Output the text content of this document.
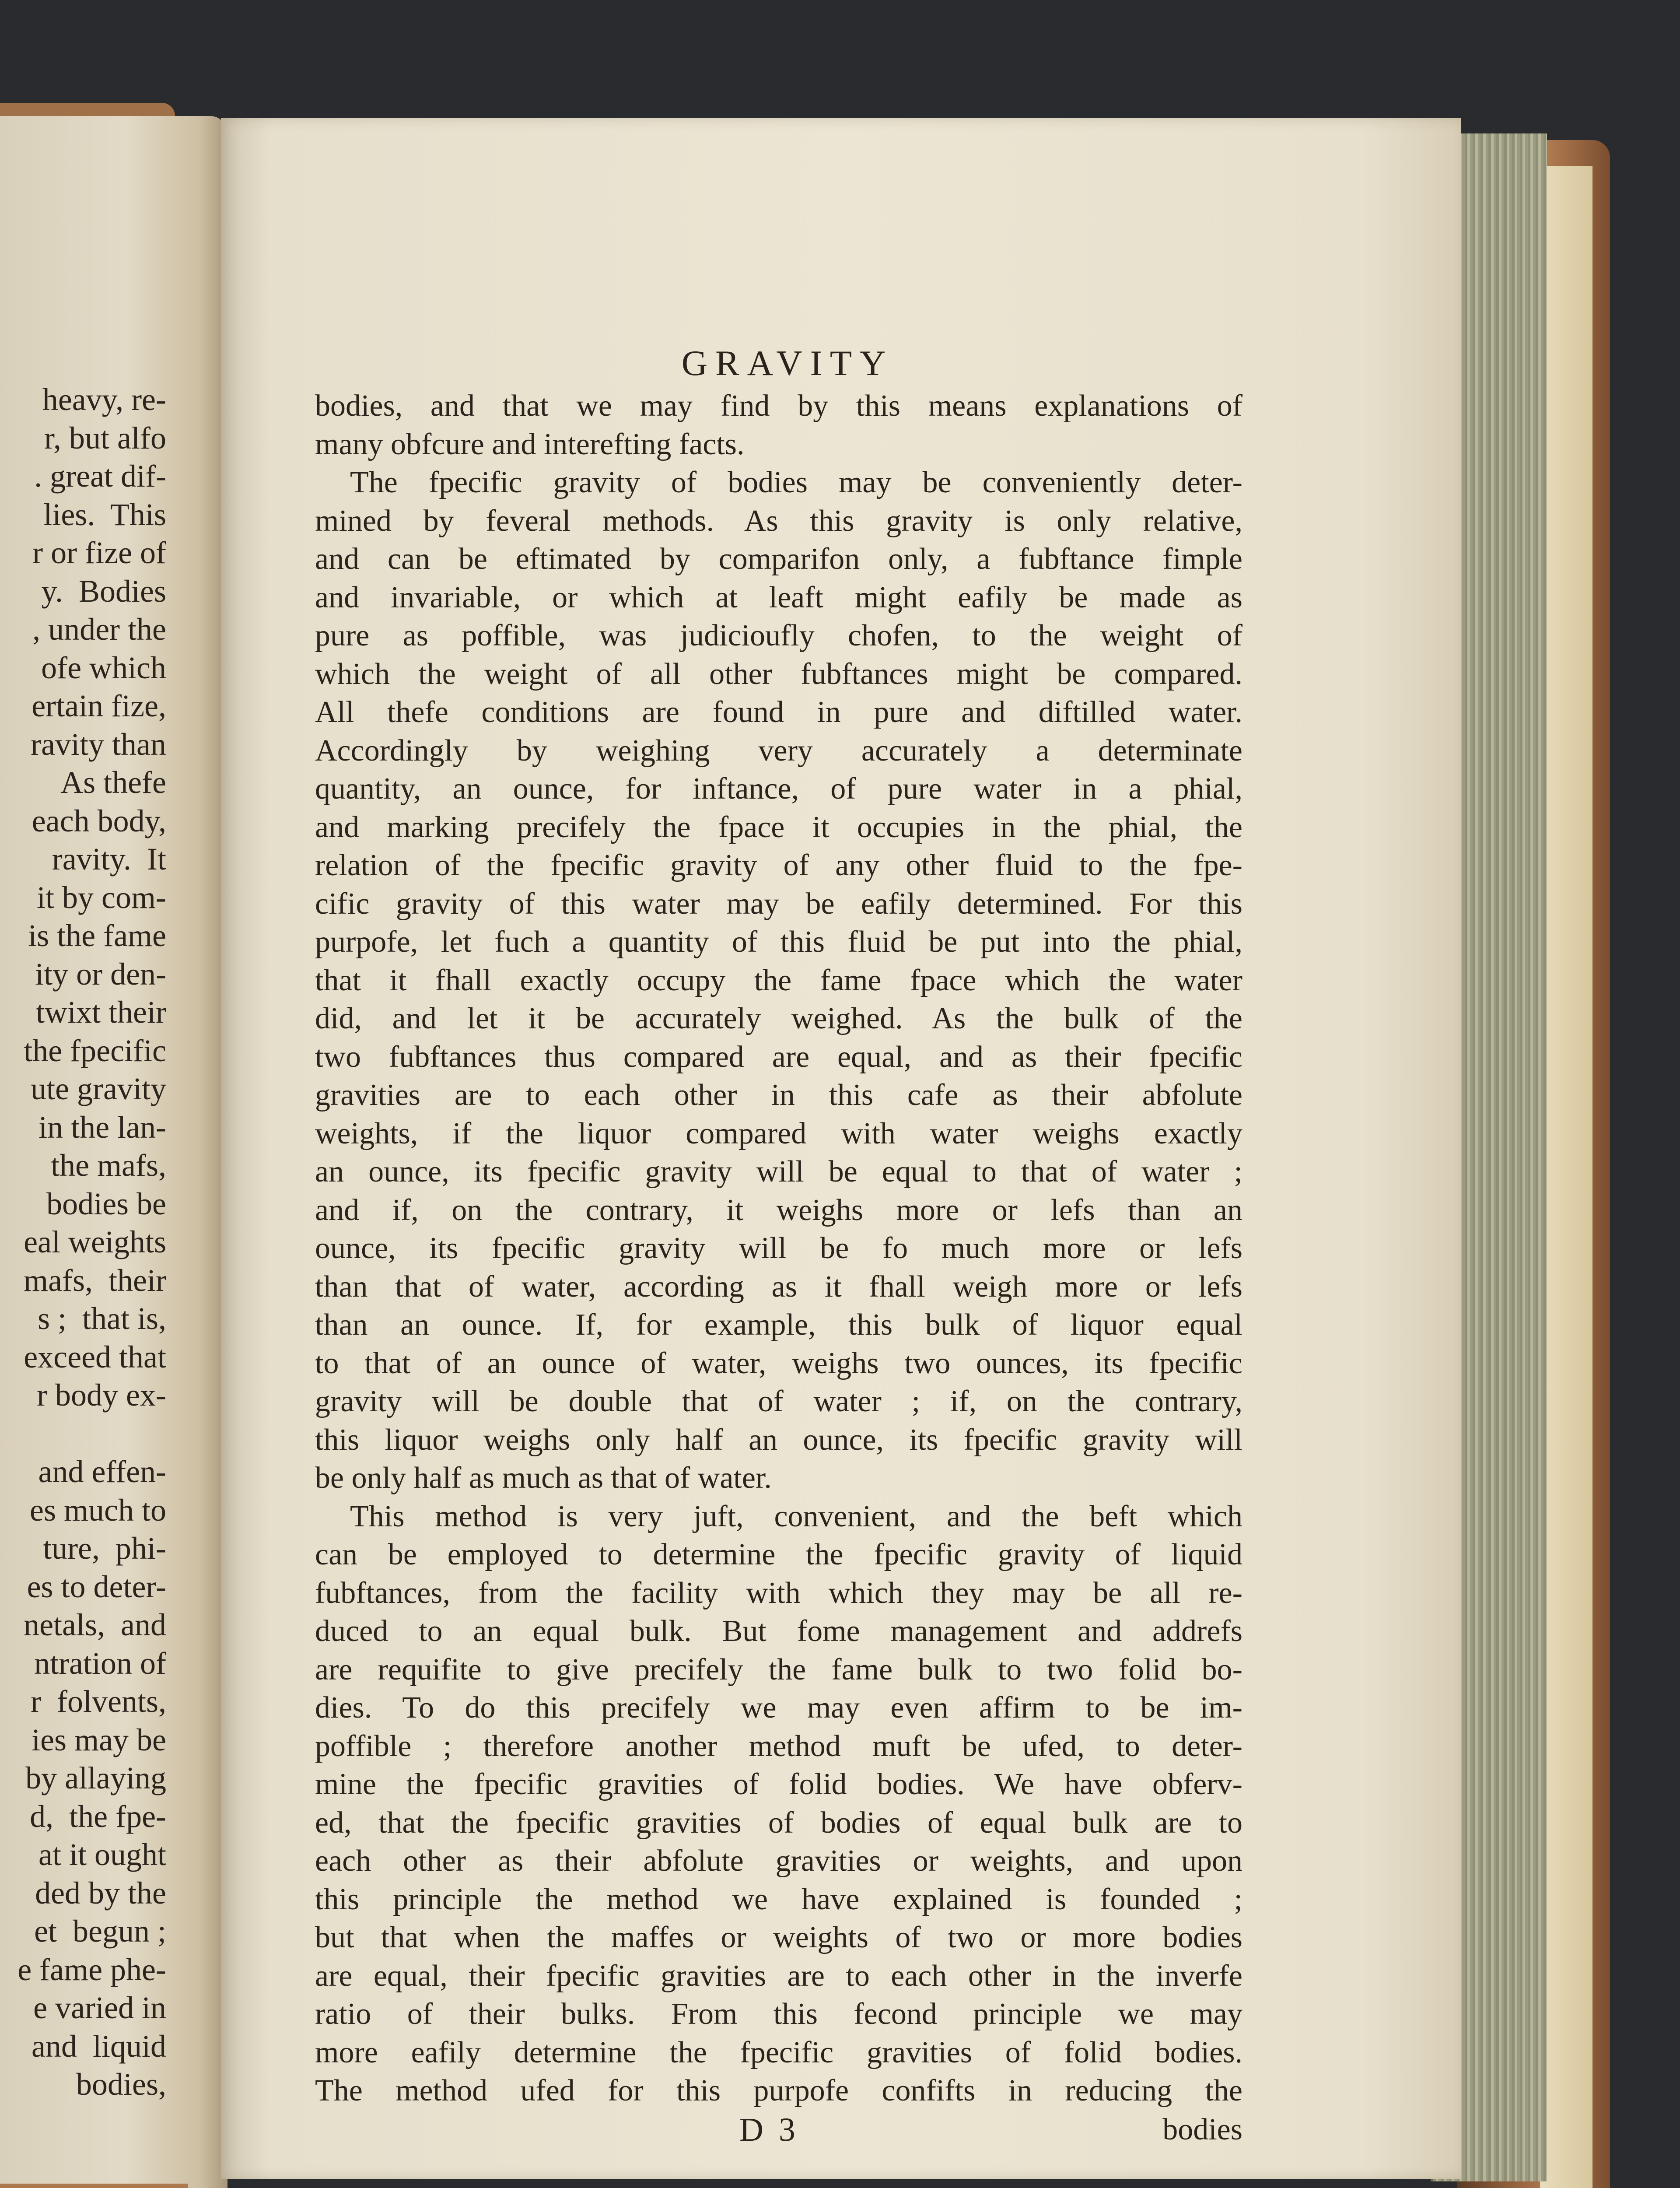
heavy, re-
r, but alfo
. great dif-
lies.  This
r or fize of
y.  Bodies
, under the
ofe which
ertain fize,
ravity than
As thefe
each body,
ravity.  It
it by com-
is the fame
ity or den-
twixt their
the fpecific
ute gravity
in the lan-
the mafs,
bodies be
eal weights
mafs,  their
s ;  that is,
exceed that
r body ex-
and effen-
es much to
ture,  phi-
es to deter-
netals,  and
ntration of
r  folvents,
ies may be
by allaying
d,  the fpe-
at it ought
ded by the
et  begun ;
e fame phe-
e varied in
and  liquid
bodies,
GRAVITY
bodies, and that we may find by this means explanations of
many obfcure and interefting facts.
The fpecific gravity of bodies may be conveniently deter-
mined by feveral methods. As this gravity is only relative,
and can be eftimated by comparifon only, a fubftance fimple
and invariable, or which at leaft might eafily be made as
pure as poffible, was judicioufly chofen, to the weight of
which the weight of all other fubftances might be compared.
All thefe conditions are found in pure and diftilled water.
Accordingly by weighing very accurately a determinate
quantity, an ounce, for inftance, of pure water in a phial,
and marking precifely the fpace it occupies in the phial, the
relation of the fpecific gravity of any other fluid to the fpe-
cific gravity of this water may be eafily determined. For this
purpofe, let fuch a quantity of this fluid be put into the phial,
that it fhall exactly occupy the fame fpace which the water
did, and let it be accurately weighed. As the bulk of the
two fubftances thus compared are equal, and as their fpecific
gravities are to each other in this cafe as their abfolute
weights, if the liquor compared with water weighs exactly
an ounce, its fpecific gravity will be equal to that of water ;
and if, on the contrary, it weighs more or lefs than an
ounce, its fpecific gravity will be fo much more or lefs
than that of water, according as it fhall weigh more or lefs
than an ounce. If, for example, this bulk of liquor equal
to that of an ounce of water, weighs two ounces, its fpecific
gravity will be double that of water ; if, on the contrary,
this liquor weighs only half an ounce, its fpecific gravity will
be only half as much as that of water.
This method is very juft, convenient, and the beft which
can be employed to determine the fpecific gravity of liquid
fubftances, from the facility with which they may be all re-
duced to an equal bulk. But fome management and addrefs
are requifite to give precifely the fame bulk to two folid bo-
dies. To do this precifely we may even affirm to be im-
poffible ; therefore another method muft be ufed, to deter-
mine the fpecific gravities of folid bodies. We have obferv-
ed, that the fpecific gravities of bodies of equal bulk are to
each other as their abfolute gravities or weights, and upon
this principle the method we have explained is founded ;
but that when the maffes or weights of two or more bodies
are equal, their fpecific gravities are to each other in the inverfe
ratio of their bulks. From this fecond principle we may
more eafily determine the fpecific gravities of folid bodies.
The method ufed for this purpofe confifts in reducing the
D 3	bodies
